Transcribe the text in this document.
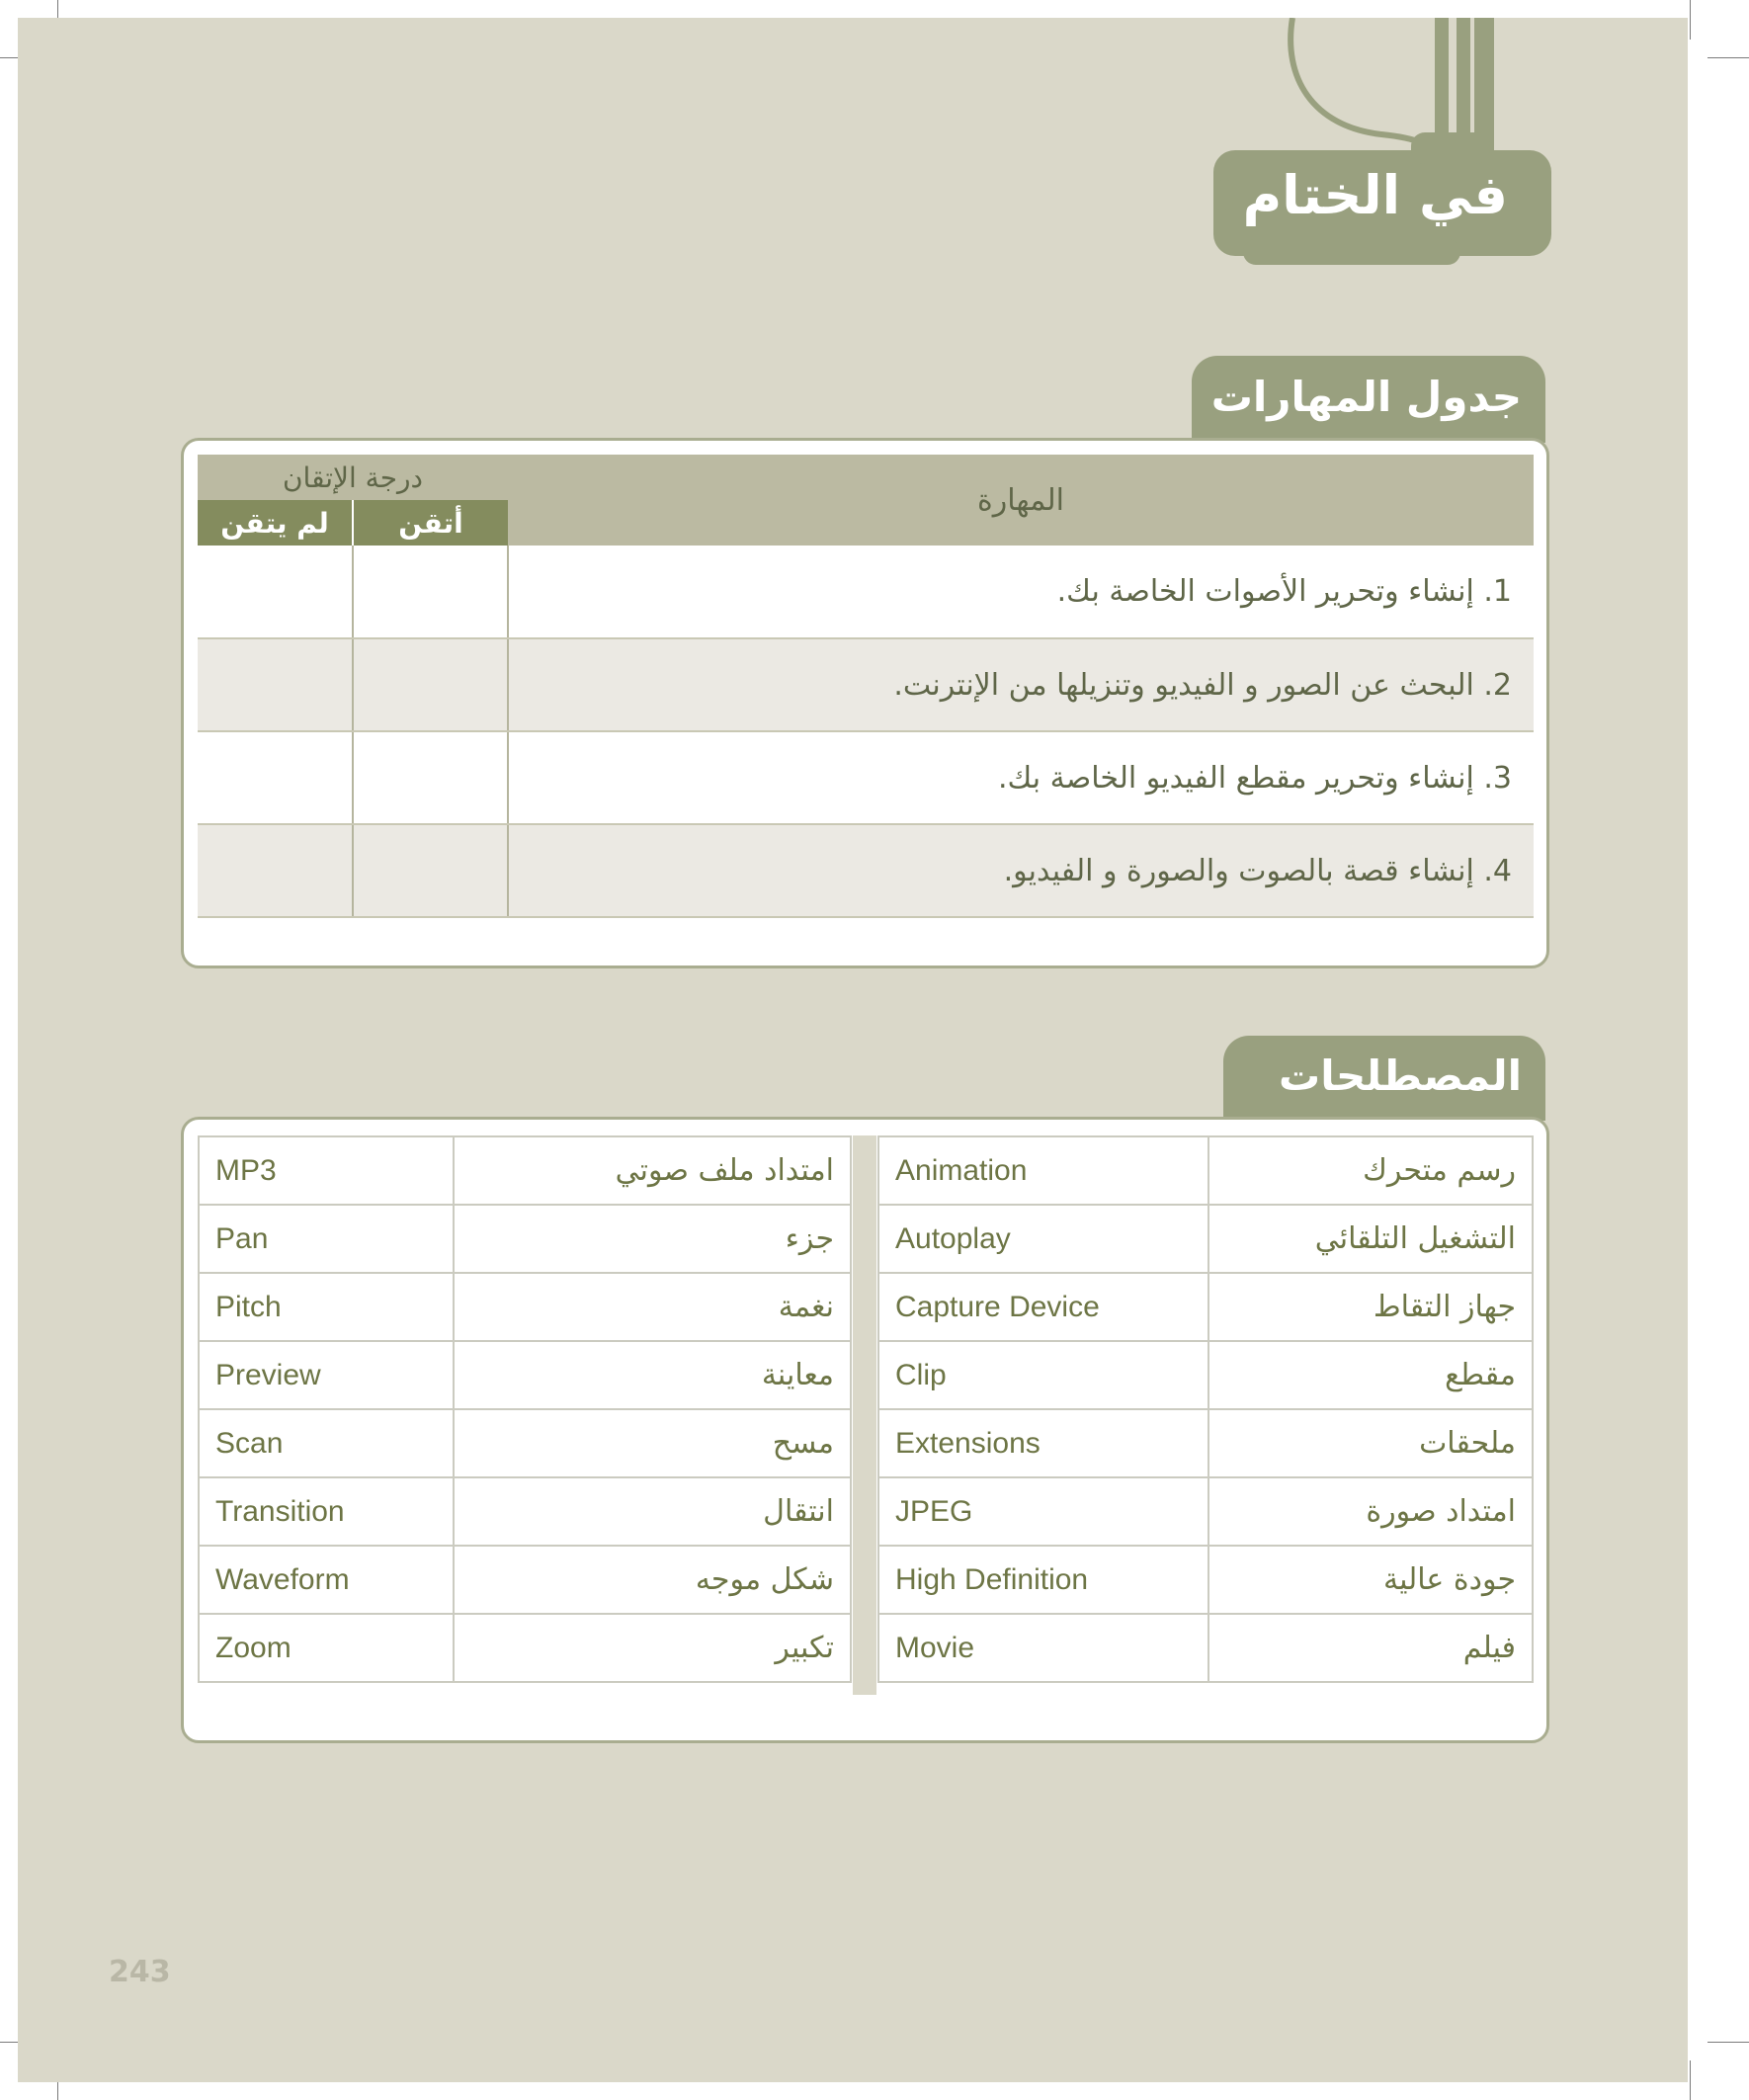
في الختام
جدول المهارات
المهارة	درجة الإتقان	
	أتقن	لم يتقن
1. إنشاء وتحرير الأصوات الخاصة بك.		
2. البحث عن الصور و الفيديو وتنزيلها من الإنترنت.		
3. إنشاء وتحرير مقطع الفيديو الخاصة بك.		
4. إنشاء قصة بالصوت والصورة و الفيديو.		
المصطلحات
MP3	امتداد ملف صوتي
Pan	جزء
Pitch	نغمة
Preview	معاينة
Scan	مسح
Transition	انتقال
Waveform	شكل موجه
Zoom	تكبير
Animation	رسم متحرك
Autoplay	التشغيل التلقائي
Capture Device	جهاز التقاط
Clip	مقطع
Extensions	ملحقات
JPEG	امتداد صورة
High Definition	جودة عالية
Movie	فيلم
243
